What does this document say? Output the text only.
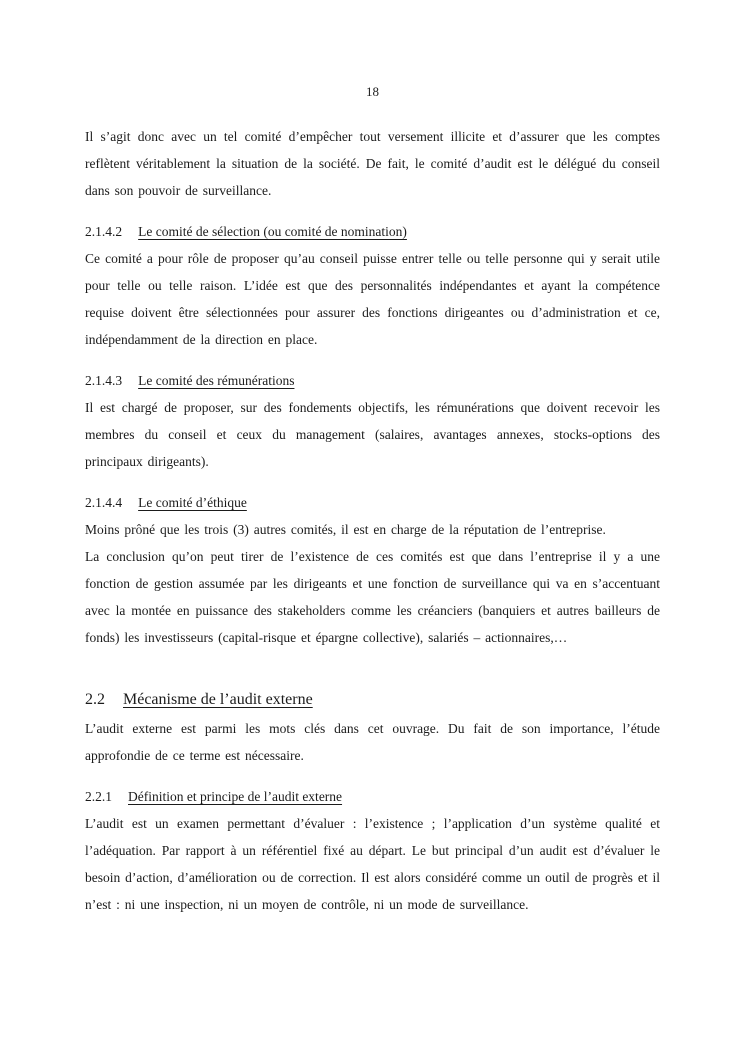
18

Il s’agit donc avec un tel comité d’empêcher tout versement illicite et d’assurer que les comptes reflètent véritablement la situation de la société. De fait, le comité d’audit est le délégué du conseil dans son pouvoir de surveillance.

2.1.4.2 Le comité de sélection (ou comité de nomination)

Ce comité a pour rôle de proposer qu’au conseil puisse entrer telle ou telle personne qui y serait utile pour telle ou telle raison. L’idée est que des personnalités indépendantes et ayant la compétence requise doivent être sélectionnées pour assurer des fonctions dirigeantes ou d’administration et ce, indépendamment de la direction en place.

2.1.4.3 Le comité des rémunérations

Il est chargé de proposer, sur des fondements objectifs, les rémunérations que doivent recevoir les membres du conseil et ceux du management (salaires, avantages annexes, stocks-options des principaux dirigeants).

2.1.4.4 Le comité d’éthique

Moins prôné que les trois (3) autres comités, il est en charge de la réputation de l’entreprise.

La conclusion qu’on peut tirer de l’existence de ces comités est que dans l’entreprise il y a une fonction de gestion assumée par les dirigeants et une fonction de surveillance qui va en s’accentuant avec la montée en puissance des stakeholders comme les créanciers (banquiers et autres bailleurs de fonds) les investisseurs (capital-risque et épargne collective), salariés – actionnaires,…

2.2 Mécanisme de l’audit externe

L’audit externe est parmi les mots clés dans cet ouvrage. Du fait de son importance, l’étude approfondie de ce terme est nécessaire.

2.2.1 Définition et principe de l’audit externe

L’audit est un examen permettant d’évaluer : l’existence ; l’application d’un système qualité et l’adéquation. Par rapport à un référentiel fixé au départ. Le but principal d’un audit est d’évaluer le besoin d’action, d’amélioration ou de correction. Il est alors considéré comme un outil de progrès et il n’est : ni une inspection, ni un moyen de contrôle, ni un mode de surveillance.
